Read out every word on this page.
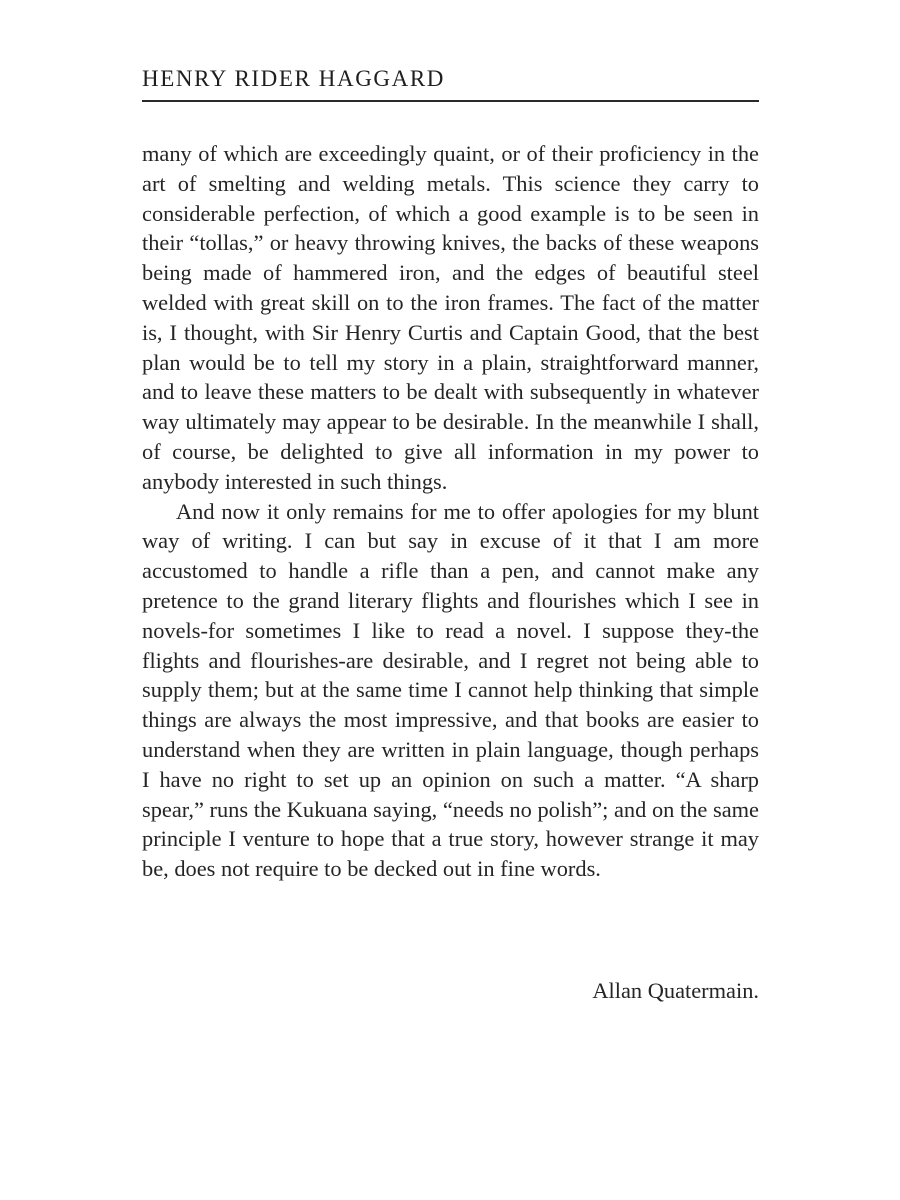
HENRY RIDER HAGGARD

many of which are exceedingly quaint, or of their proficiency in the art of smelting and welding metals. This science they carry to considerable perfection, of which a good example is to be seen in their “tollas,” or heavy throwing knives, the backs of these weapons being made of hammered iron, and the edges of beautiful steel welded with great skill on to the iron frames. The fact of the matter is, I thought, with Sir Henry Curtis and Captain Good, that the best plan would be to tell my story in a plain, straightforward manner, and to leave these matters to be dealt with subsequently in whatever way ultimately may appear to be desirable. In the meanwhile I shall, of course, be delighted to give all information in my power to anybody interested in such things.

And now it only remains for me to offer apologies for my blunt way of writing. I can but say in excuse of it that I am more accustomed to handle a rifle than a pen, and cannot make any pretence to the grand literary flights and flourishes which I see in novels-for sometimes I like to read a novel. I suppose they-the flights and flourishes-are desirable, and I regret not being able to supply them; but at the same time I cannot help thinking that simple things are always the most impressive, and that books are easier to understand when they are written in plain language, though perhaps I have no right to set up an opinion on such a matter. “A sharp spear,” runs the Kukuana saying, “needs no polish”; and on the same principle I venture to hope that a true story, however strange it may be, does not require to be decked out in fine words.

Allan Quatermain.
